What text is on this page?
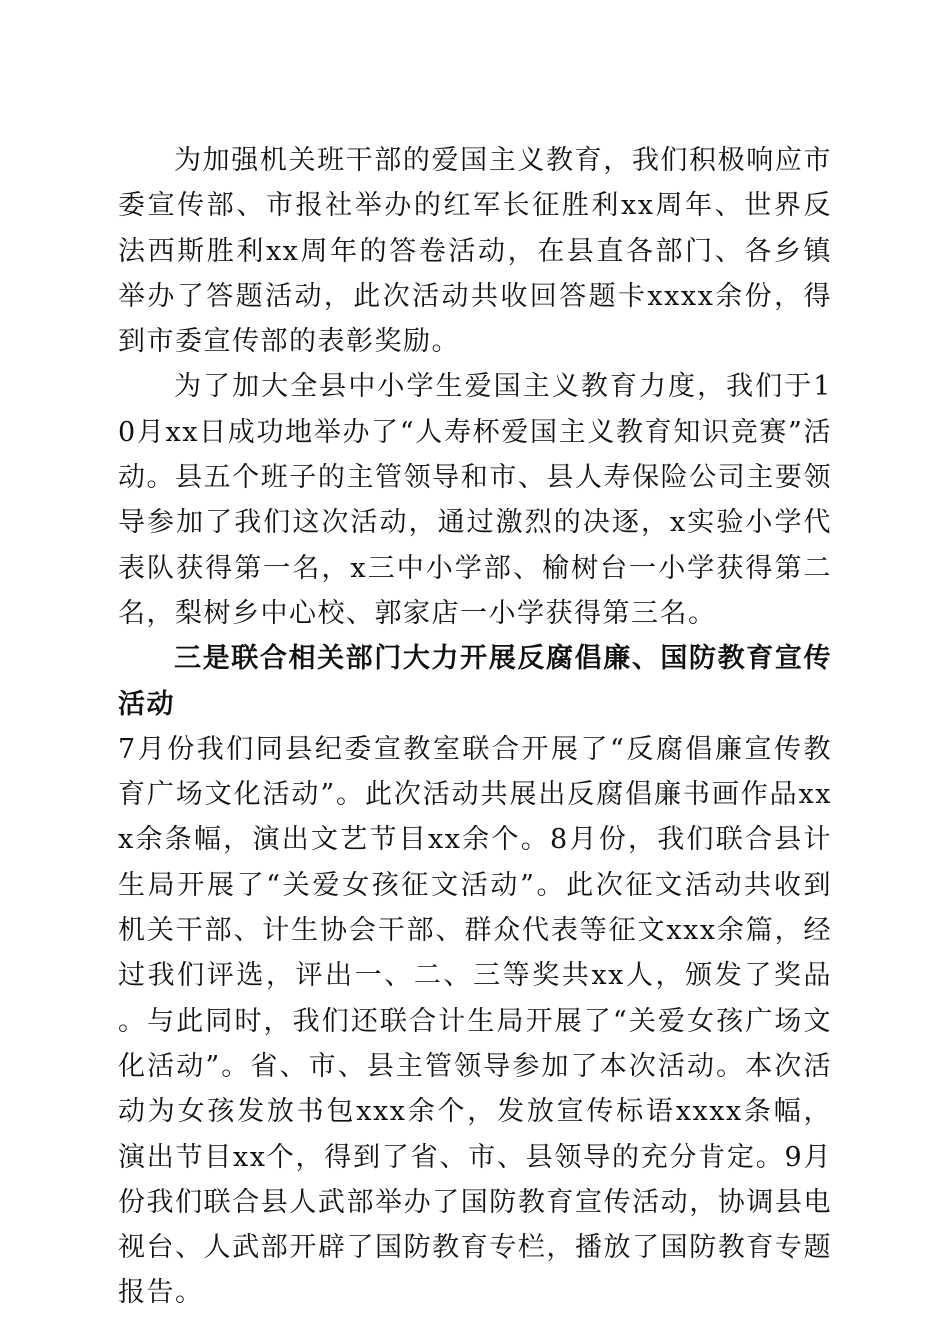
为加强机关班干部的爱国主义教育，我们积极响应市委宣传部、市报社举办的红军长征胜利xx周年、世界反法西斯胜利xx周年的答卷活动，在县直各部门、各乡镇举办了答题活动，此次活动共收回答题卡xxxx余份，得到市委宣传部的表彰奖励。

为了加大全县中小学生爱国主义教育力度，我们于10月xx日成功地举办了“人寿杯爱国主义教育知识竞赛”活动。县五个班子的主管领导和市、县人寿保险公司主要领导参加了我们这次活动，通过激烈的决逐，x实验小学代表队获得第一名，x三中小学部、榆树台一小学获得第二名，梨树乡中心校、郭家店一小学获得第三名。

三是联合相关部门大力开展反腐倡廉、国防教育宣传活动
7月份我们同县纪委宣教室联合开展了“反腐倡廉宣传教育广场文化活动”。此次活动共展出反腐倡廉书画作品xxx余条幅，演出文艺节目xx余个。8月份，我们联合县计生局开展了“关爱女孩征文活动”。此次征文活动共收到机关干部、计生协会干部、群众代表等征文xxx余篇，经过我们评选，评出一、二、三等奖共xx人，颁发了奖品。与此同时，我们还联合计生局开展了“关爱女孩广场文化活动”。省、市、县主管领导参加了本次活动。本次活动为女孩发放书包xxx余个，发放宣传标语xxxx条幅，演出节目xx个，得到了省、市、县领导的充分肯定。9月份我们联合县人武部举办了国防教育宣传活动，协调县电视台、人武部开辟了国防教育专栏，播放了国防教育专题报告。
